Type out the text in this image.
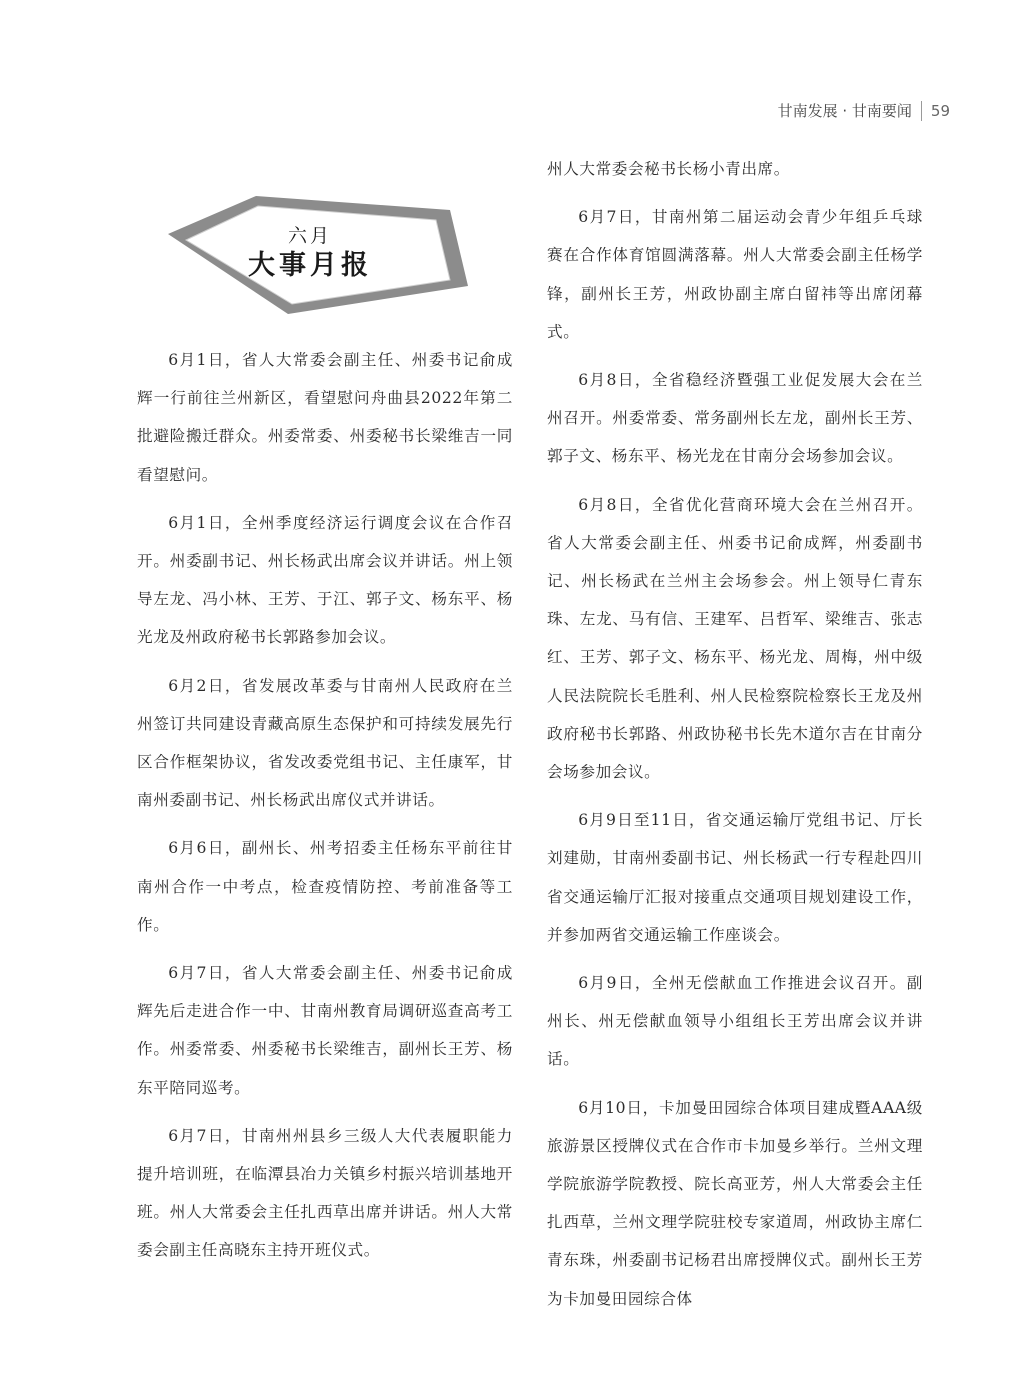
甘南发展 · 甘南要闻 59
六月
大事月报

6月1日，省人大常委会副主任、州委书记俞成辉一行前往兰州新区，看望慰问舟曲县2022年第二批避险搬迁群众。州委常委、州委秘书长梁维吉一同看望慰问。

6月1日，全州季度经济运行调度会议在合作召开。州委副书记、州长杨武出席会议并讲话。州上领导左龙、冯小林、王芳、于江、郭子文、杨东平、杨光龙及州政府秘书长郭路参加会议。

6月2日，省发展改革委与甘南州人民政府在兰州签订共同建设青藏高原生态保护和可持续发展先行区合作框架协议，省发改委党组书记、主任康军，甘南州委副书记、州长杨武出席仪式并讲话。

6月6日，副州长、州考招委主任杨东平前往甘南州合作一中考点，检查疫情防控、考前准备等工作。

6月7日，省人大常委会副主任、州委书记俞成辉先后走进合作一中、甘南州教育局调研巡查高考工作。州委常委、州委秘书长梁维吉，副州长王芳、杨东平陪同巡考。

6月7日，甘南州州县乡三级人大代表履职能力提升培训班，在临潭县冶力关镇乡村振兴培训基地开班。州人大常委会主任扎西草出席并讲话。州人大常委会副主任高晓东主持开班仪式。

州人大常委会秘书长杨小青出席。

6月7日，甘南州第二届运动会青少年组乒乓球赛在合作体育馆圆满落幕。州人大常委会副主任杨学锋，副州长王芳，州政协副主席白留祎等出席闭幕式。

6月8日，全省稳经济暨强工业促发展大会在兰州召开。州委常委、常务副州长左龙，副州长王芳、郭子文、杨东平、杨光龙在甘南分会场参加会议。

6月8日，全省优化营商环境大会在兰州召开。省人大常委会副主任、州委书记俞成辉，州委副书记、州长杨武在兰州主会场参会。州上领导仁青东珠、左龙、马有信、王建军、吕哲军、梁维吉、张志红、王芳、郭子文、杨东平、杨光龙、周梅，州中级人民法院院长毛胜利、州人民检察院检察长王龙及州政府秘书长郭路、州政协秘书长先木道尔吉在甘南分会场参加会议。

6月9日至11日，省交通运输厅党组书记、厅长刘建勋，甘南州委副书记、州长杨武一行专程赴四川省交通运输厅汇报对接重点交通项目规划建设工作，并参加两省交通运输工作座谈会。

6月9日，全州无偿献血工作推进会议召开。副州长、州无偿献血领导小组组长王芳出席会议并讲话。

6月10日，卡加曼田园综合体项目建成暨AAA级旅游景区授牌仪式在合作市卡加曼乡举行。兰州文理学院旅游学院教授、院长高亚芳，州人大常委会主任扎西草，兰州文理学院驻校专家道周，州政协主席仁青东珠，州委副书记杨君出席授牌仪式。副州长王芳为卡加曼田园综合体
